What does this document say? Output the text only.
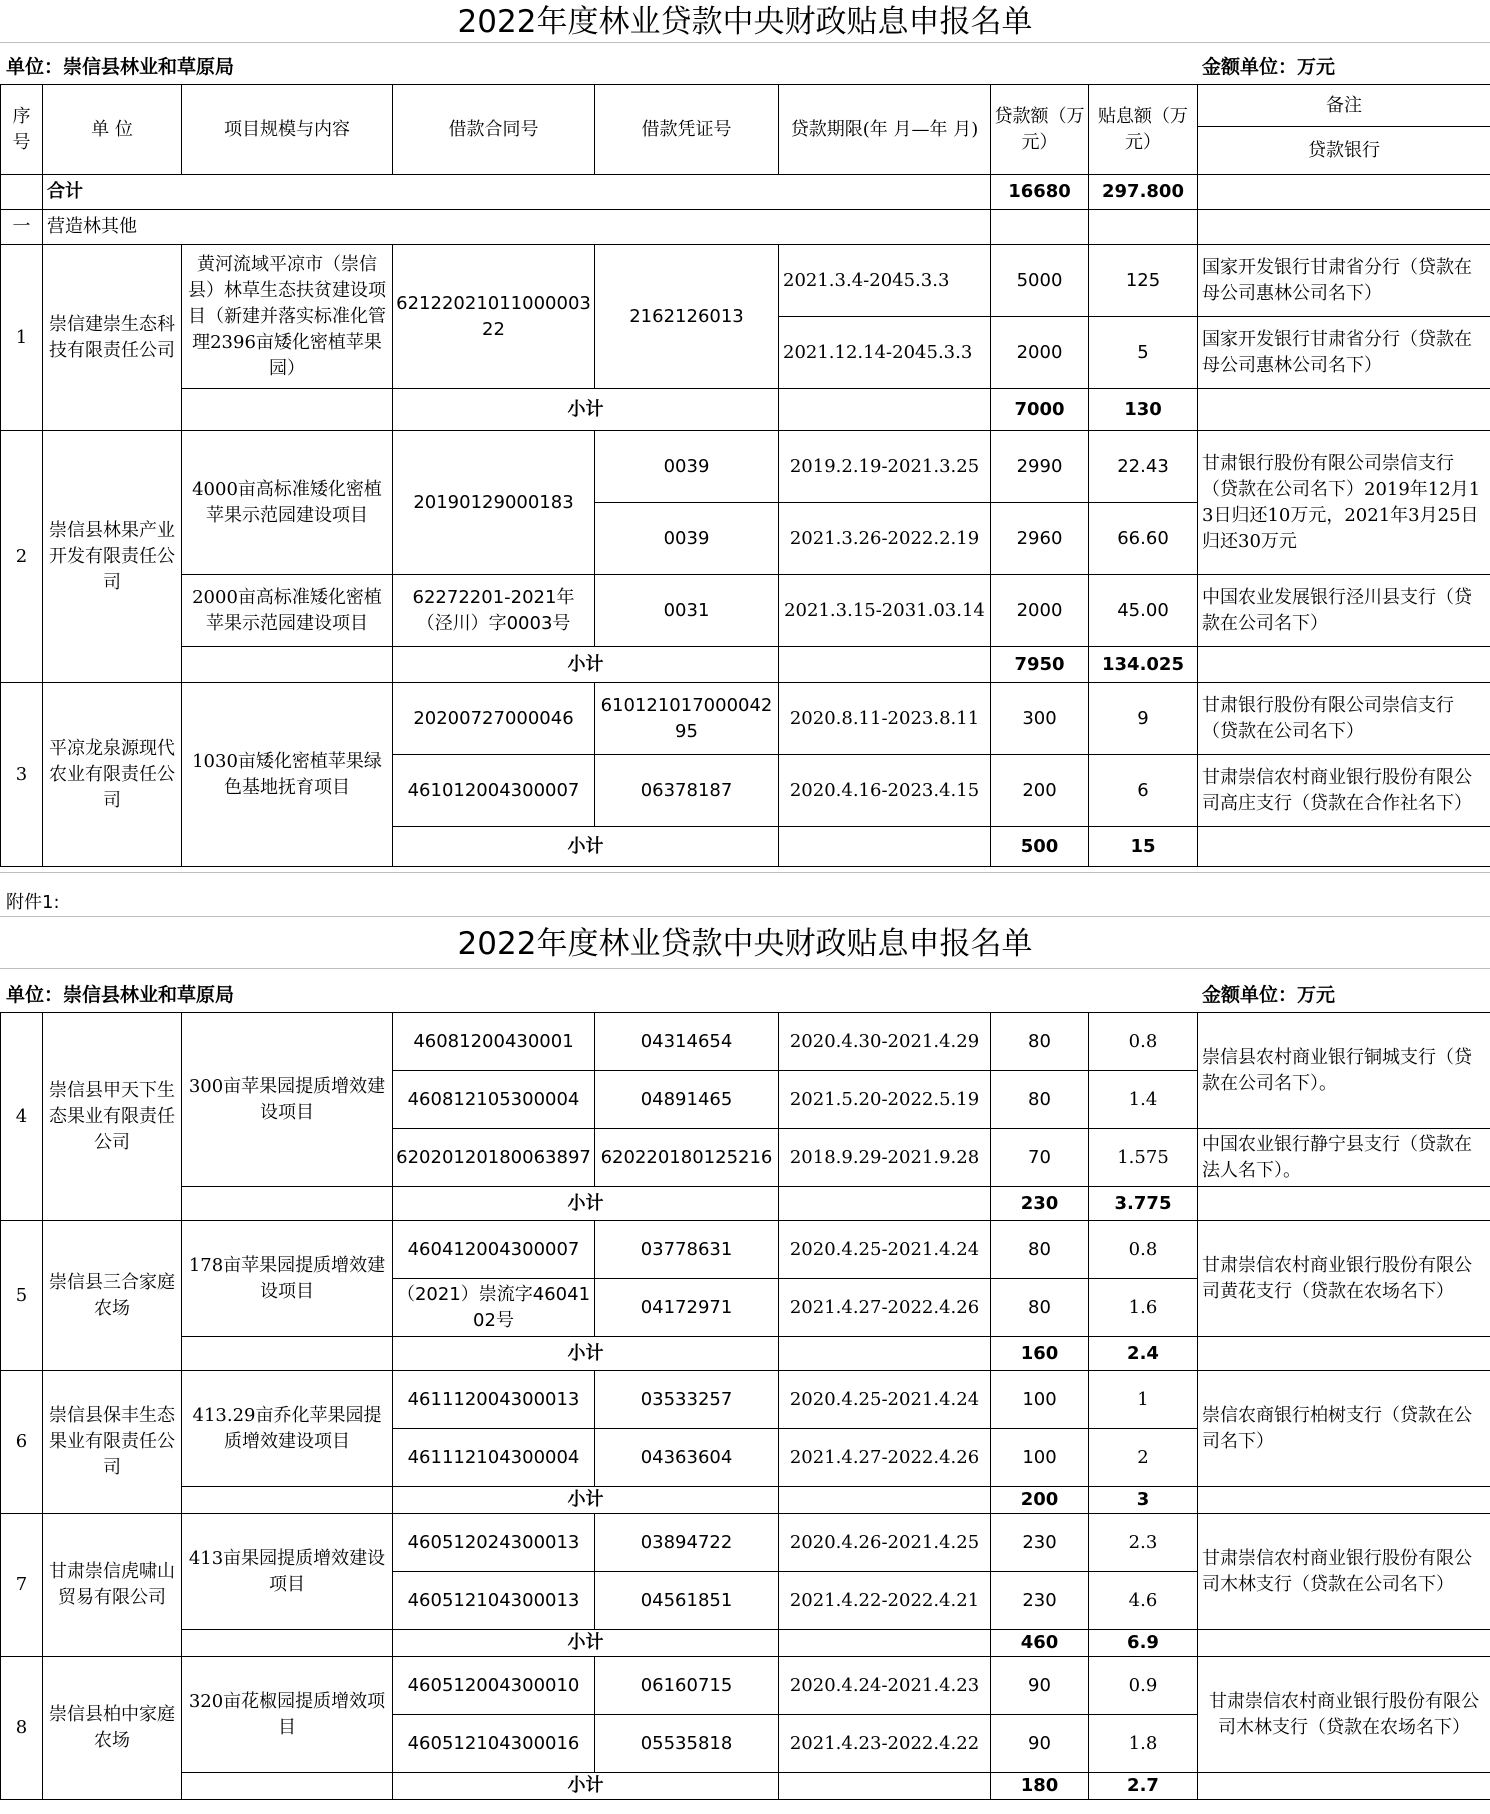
2022年度林业贷款中央财政贴息申报名单
单位：崇信县林业和草原局	金额单位：万元
序号	单 位	项目规模与内容	借款合同号	借款凭证号	贷款期限(年 月—年 月)	贷款额（万元）	贴息额（万元）	备注
								贷款银行
	合计					16680	297.800	
一	营造林其他							
1	崇信建崇生态科技有限责任公司	黄河流域平凉市（崇信县）林草生态扶贫建设项目（新建并落实标准化管理2396亩矮化密植苹果园）	6212202101100000322	2162126013	2021.3.4-2045.3.3	5000	125	国家开发银行甘肃省分行（贷款在母公司惠林公司名下）
					2021.12.14-2045.3.3	2000	5	国家开发银行甘肃省分行（贷款在母公司惠林公司名下）
			小计			7000	130	
2	崇信县林果产业开发有限责任公司	4000亩高标准矮化密植苹果示范园建设项目	20190129000183	0039	2019.2.19-2021.3.25	2990	22.43	甘肃银行股份有限公司崇信支行（贷款在公司名下）2019年12月13日归还10万元，2021年3月25日归还30万元
				0039	2021.3.26-2022.2.19	2960	66.60	
		2000亩高标准矮化密植苹果示范园建设项目	62272201-2021年（泾川）字0003号	0031	2021.3.15-2031.03.14	2000	45.00	中国农业发展银行泾川县支行（贷款在公司名下）
			小计			7950	134.025	
3	平凉龙泉源现代农业有限责任公司	1030亩矮化密植苹果绿色基地抚育项目	20200727000046	61012101700004295	2020.8.11-2023.8.11	300	9	甘肃银行股份有限公司崇信支行（贷款在公司名下）
			461012004300007	06378187	2020.4.16-2023.4.15	200	6	甘肃崇信农村商业银行股份有限公司高庄支行（贷款在合作社名下）
			小计			500	15	
附件1:
2022年度林业贷款中央财政贴息申报名单
单位：崇信县林业和草原局	金额单位：万元
4	崇信县甲天下生态果业有限责任公司	300亩苹果园提质增效建设项目	46081200430001	04314654	2020.4.30-2021.4.29	80	0.8	崇信县农村商业银行铜城支行（贷款在公司名下）。
			460812105300004	04891465	2021.5.20-2022.5.19	80	1.4	
			62020120180063897	620220180125216	2018.9.29-2021.9.28	70	1.575	中国农业银行静宁县支行（贷款在法人名下）。
			小计			230	3.775	
5	崇信县三合家庭农场	178亩苹果园提质增效建设项目	460412004300007	03778631	2020.4.25-2021.4.24	80	0.8	甘肃崇信农村商业银行股份有限公司黄花支行（贷款在农场名下）
			（2021）崇流字4604102号	04172971	2021.4.27-2022.4.26	80	1.6	
			小计			160	2.4	
6	崇信县保丰生态果业有限责任公司	413.29亩乔化苹果园提质增效建设项目	461112004300013	03533257	2020.4.25-2021.4.24	100	1	崇信农商银行柏树支行（贷款在公司名下）
			461112104300004	04363604	2021.4.27-2022.4.26	100	2	
			小计			200	3	
7	甘肃崇信虎啸山贸易有限公司	413亩果园提质增效建设项目	460512024300013	03894722	2020.4.26-2021.4.25	230	2.3	甘肃崇信农村商业银行股份有限公司木林支行（贷款在公司名下）
			460512104300013	04561851	2021.4.22-2022.4.21	230	4.6	
			小计			460	6.9	
8	崇信县柏中家庭农场	320亩花椒园提质增效项目	460512004300010	06160715	2020.4.24-2021.4.23	90	0.9	甘肃崇信农村商业银行股份有限公司木林支行（贷款在农场名下）
			460512104300016	05535818	2021.4.23-2022.4.22	90	1.8	
			小计			180	2.7	
